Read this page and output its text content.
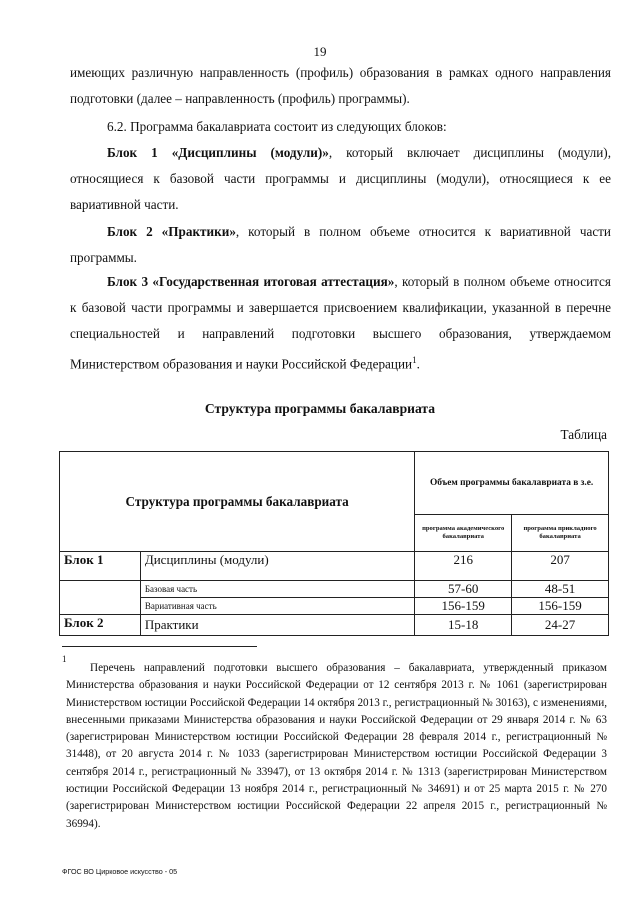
19
имеющих различную направленность (профиль) образования в рамках одного направления подготовки (далее – направленность (профиль) программы).
6.2. Программа бакалавриата состоит из следующих блоков:
Блок 1 «Дисциплины (модули)», который включает дисциплины (модули), относящиеся к базовой части программы и дисциплины (модули), относящиеся к ее вариативной части.
Блок 2 «Практики», который в полном объеме относится к вариативной части программы.
Блок 3 «Государственная итоговая аттестация», который в полном объеме относится к базовой части программы и завершается присвоением квалификации, указанной в перечне специальностей и направлений подготовки высшего образования, утверждаемом Министерством образования и науки Российской Федерации$^1$.
Структура программы бакалавриата
Таблица
Структура программы бакалавриата		Объем программы бакалавриата в з.е.	
		программа академического бакалавриата	программа прикладного бакалавриата
Блок 1	Дисциплины (модули)	216	207
	Базовая часть	57-60	48-51
	Вариативная часть	156-159	156-159
Блок 2	Практики	15-18	24-27
1
Перечень направлений подготовки высшего образования – бакалавриата, утвержденный приказом Министерства образования и науки Российской Федерации от 12 сентября 2013 г. № 1061 (зарегистрирован Министерством юстиции Российской Федерации 14 октября 2013 г., регистрационный № 30163), с изменениями, внесенными приказами Министерства образования и науки Российской Федерации от 29 января 2014 г. № 63 (зарегистрирован Министерством юстиции Российской Федерации 28 февраля 2014 г., регистрационный № 31448), от 20 августа 2014 г. № 1033 (зарегистрирован Министерством юстиции Российской Федерации 3 сентября 2014 г., регистрационный № 33947), от 13 октября 2014 г. № 1313 (зарегистрирован Министерством юстиции Российской Федерации 13 ноября 2014 г., регистрационный № 34691) и от 25 марта 2015 г. № 270 (зарегистрирован Министерством юстиции Российской Федерации 22 апреля 2015 г., регистрационный № 36994).
ФГОС ВО Цирковое искусство - 05
